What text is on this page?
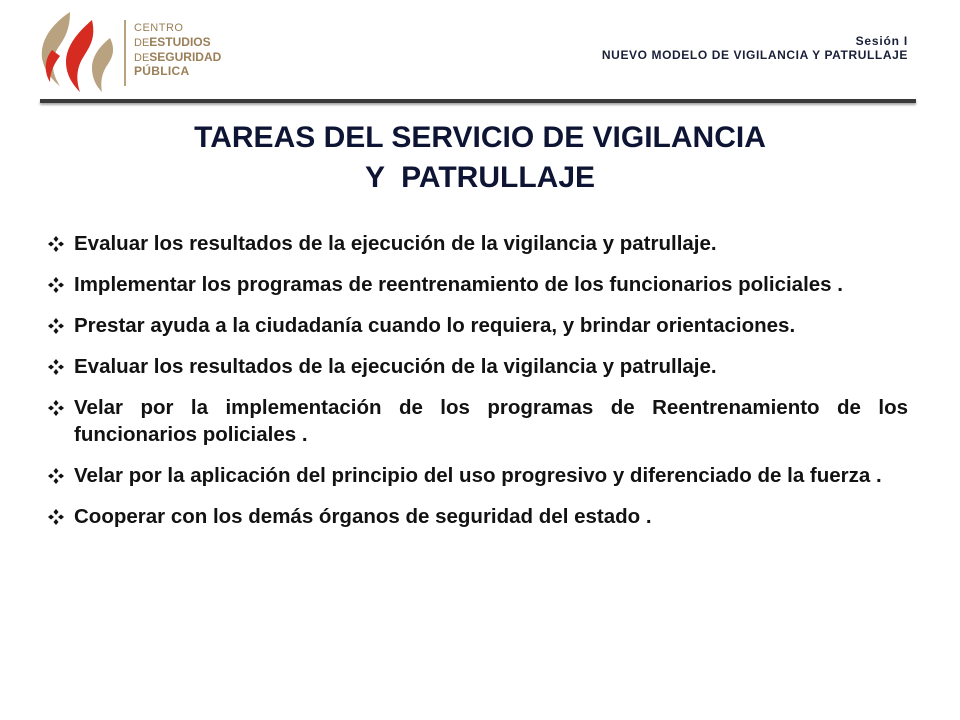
CENTRO
DEESTUDIOS
DESEGURIDAD
PÚBLICA
Sesión I
NUEVO MODELO DE VIGILANCIA Y PATRULLAJE
TAREAS DEL SERVICIO DE VIGILANCIA
Y  PATRULLAJE
Evaluar los resultados de la ejecución de la vigilancia y patrullaje.
Implementar los programas de reentrenamiento de los funcionarios policiales .
Prestar ayuda a la ciudadanía cuando lo requiera, y brindar orientaciones.
Evaluar los resultados de la ejecución de la vigilancia y patrullaje.
Velar por la implementación de los programas de Reentrenamiento de los funcionarios policiales .
Velar por la aplicación del principio del uso progresivo y diferenciado de la fuerza .
Cooperar con los demás órganos de seguridad del estado .
